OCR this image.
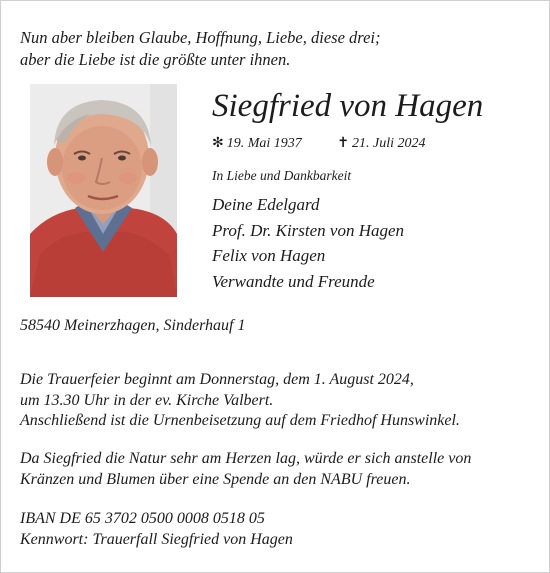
Nun aber bleiben Glaube, Hoffnung, Liebe, diese drei;
aber die Liebe ist die größte unter ihnen.
Siegfried von Hagen
✻ 19. Mai 1937	✝ 21. Juli 2024
In Liebe und Dankbarkeit
Deine Edelgard
Prof. Dr. Kirsten von Hagen
Felix von Hagen
Verwandte und Freunde
58540 Meinerzhagen, Sinderhauf 1
Die Trauerfeier beginnt am Donnerstag, dem 1. August 2024,
um 13.30 Uhr in der ev. Kirche Valbert.
Anschließend ist die Urnenbeisetzung auf dem Friedhof Hunswinkel.
Da Siegfried die Natur sehr am Herzen lag, würde er sich anstelle von
Kränzen und Blumen über eine Spende an den NABU freuen.
IBAN DE 65 3702 0500 0008 0518 05
Kennwort: Trauerfall Siegfried von Hagen
